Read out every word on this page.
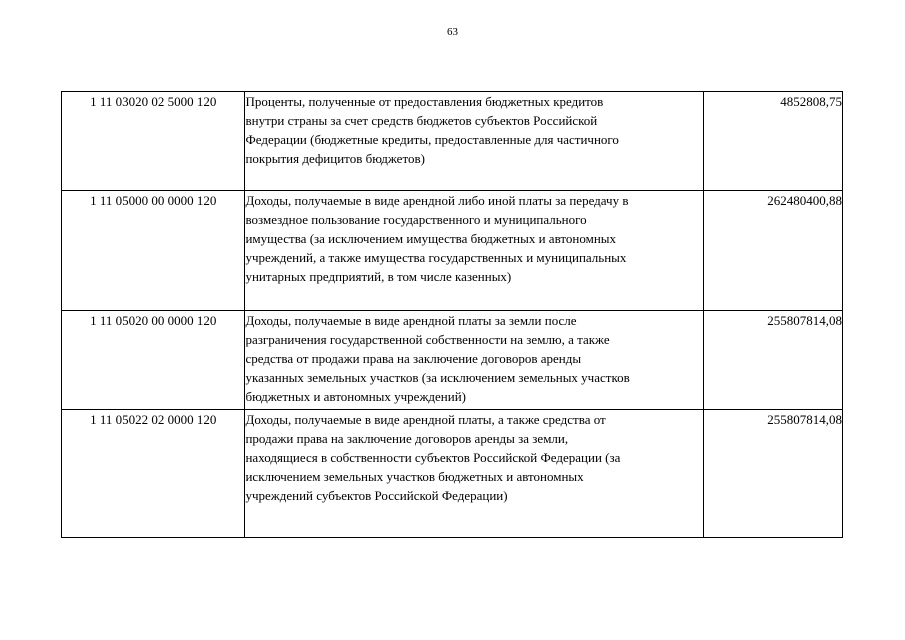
63
1 11 03020 02 5000 120	Проценты, полученные от предоставления бюджетных кредитов
внутри страны за счет средств бюджетов субъектов Российской
Федерации (бюджетные кредиты, предоставленные для частичного
покрытия дефицитов бюджетов)	4852808,75
1 11 05000 00 0000 120	Доходы, получаемые в виде арендной либо иной платы за передачу в
возмездное пользование государственного и муниципального
имущества (за исключением имущества бюджетных и автономных
учреждений, а также имущества государственных и муниципальных
унитарных предприятий, в том числе казенных)	262480400,88
1 11 05020 00 0000 120	Доходы, получаемые в виде арендной платы за земли после
разграничения государственной собственности на землю, а также
средства от продажи права на заключение договоров аренды
указанных земельных участков (за исключением земельных участков
бюджетных и автономных учреждений)	255807814,08
1 11 05022 02 0000 120	Доходы, получаемые в виде арендной платы, а также средства от
продажи права на заключение договоров аренды за земли,
находящиеся в собственности субъектов Российской Федерации (за
исключением земельных участков бюджетных и автономных
учреждений субъектов Российской Федерации)	255807814,08
